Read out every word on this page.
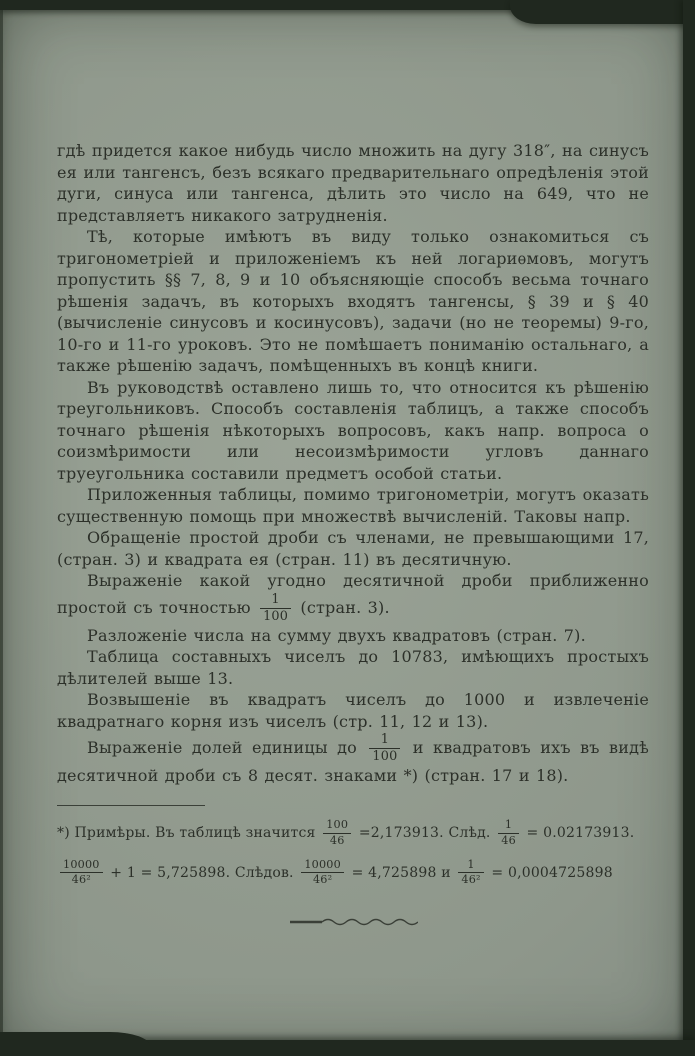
гдѣ придется какое нибудь число множить на дугу 318″, на синусъ ея или тангенсъ, безъ всякаго предварительнаго опредѣленія этой дуги, синуса или тангенса, дѣлить это число на 649, что не представляетъ никакого затрудненія.

Тѣ, которые имѣютъ въ виду только ознакомиться съ тригонометріей и приложеніемъ къ ней логариѳмовъ, могутъ пропустить §§ 7, 8, 9 и 10 объясняющіе способъ весьма точнаго рѣшенія задачъ, въ которыхъ входятъ тангенсы, § 39 и § 40 (вычисленіе синусовъ и косинусовъ), задачи (но не теоремы) 9-го, 10-го и 11-го уроковъ. Это не помѣшаетъ пониманію остальнаго, а также рѣшенію задачъ, помѣщенныхъ въ концѣ книги.

Въ руководствѣ оставлено лишь то, что относится къ рѣшенію треугольниковъ. Способъ составленія таблицъ, а также способъ точнаго рѣшенія нѣкоторыхъ вопросовъ, какъ напр. вопроса о соизмѣримости или несоизмѣримости угловъ даннаго труеугольника составили предметъ особой статьи.

Приложенныя таблицы, помимо тригонометріи, могутъ оказать существенную помощь при множествѣ вычисленій. Таковы напр.

Обращеніе простой дроби съ членами, не превышающими 17, (стран. 3) и квадрата ея (стран. 11) въ десятичную.

Выраженіе какой угодно десятичной дроби приближенно простой съ точностью $\frac{1}{100}$ (стран. 3).

Разложеніе числа на сумму двухъ квадратовъ (стран. 7).

Таблица составныхъ чиселъ до 10783, имѣющихъ простыхъ дѣлителей выше 13.

Возвышеніе въ квадратъ чиселъ до 1000 и извлеченіе квадратнаго корня изъ чиселъ (стр. 11, 12 и 13).

Выраженіе долей единицы до $\frac{1}{100}$ и квадратовъ ихъ въ видѣ десятичной дроби съ 8 десят. знаками *) (стран. 17 и 18).

*) Примѣры. Въ таблицѣ значится $\frac{100}{46} =2,173913$. Слѣд. $\frac{1}{46} = 0.02173913$.

$\frac{10000}{\text{46²}} + 1 = 5,725898$. Слѣдов. $\frac{10000}{\text{46²}} = 4,725898$ и $\frac{1}{\text{46²}} = 0,0004725898$
